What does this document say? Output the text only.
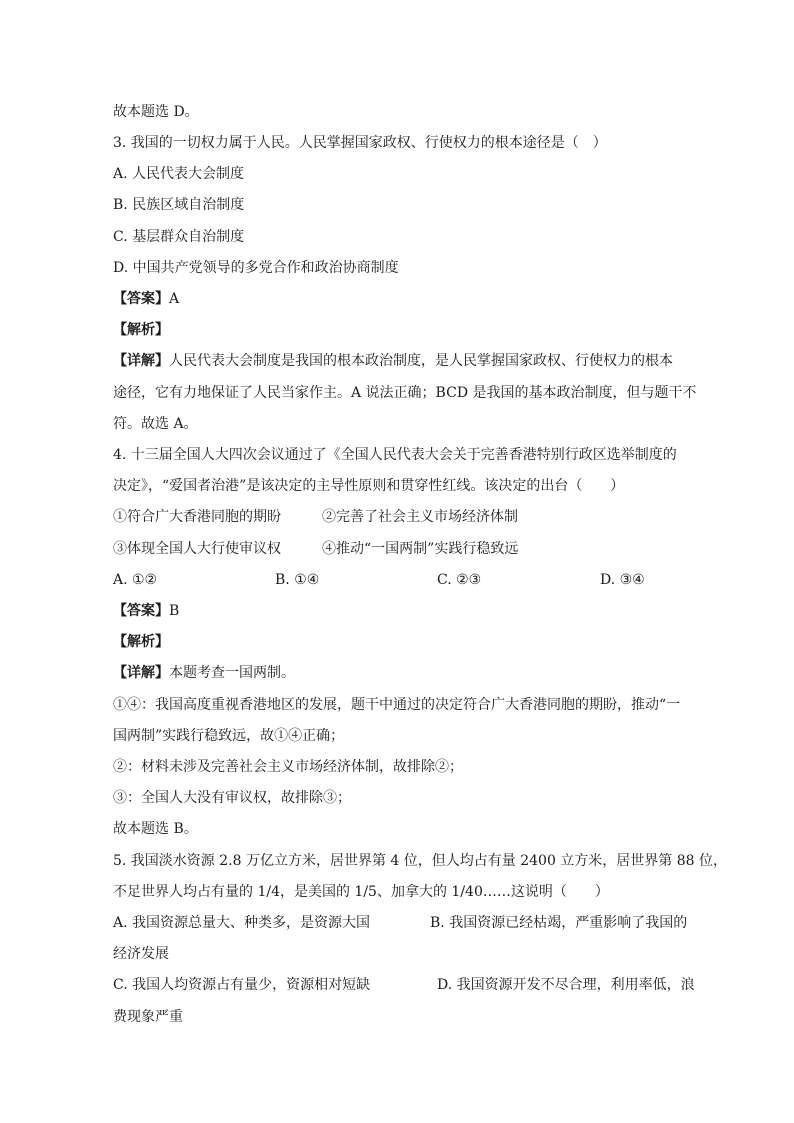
故本题选 D。
3. 我国的一切权力属于人民。人民掌握国家政权、行使权力的根本途径是（　）
A. 人民代表大会制度
B. 民族区域自治制度
C. 基层群众自治制度
D. 中国共产党领导的多党合作和政治协商制度
【答案】A
【解析】
【详解】人民代表大会制度是我国的根本政治制度，是人民掌握国家政权、行使权力的根本
途径，它有力地保证了人民当家作主。A 说法正确；BCD 是我国的基本政治制度，但与题干不
符。故选 A。
4. 十三届全国人大四次会议通过了《全国人民代表大会关于完善香港特别行政区选举制度的
决定》，“爱国者治港”是该决定的主导性原则和贯穿性红线。该决定的出台（　　）
①符合广大香港同胞的期盼	②完善了社会主义市场经济体制
③体现全国人大行使审议权	④推动“一国两制”实践行稳致远
A. ①②	B. ①④	C. ②③	D. ③④
【答案】B
【解析】
【详解】本题考查一国两制。
①④：我国高度重视香港地区的发展，题干中通过的决定符合广大香港同胞的期盼，推动“一
国两制”实践行稳致远，故①④正确；
②：材料未涉及完善社会主义市场经济体制，故排除②；
③：全国人大没有审议权，故排除③；
故本题选 B。
5. 我国淡水资源 2.8 万亿立方米，居世界第 4 位，但人均占有量 2400 立方米，居世界第 88 位，
不足世界人均占有量的 1/4，是美国的 1/5、加拿大的 1/40……这说明（　　）
A. 我国资源总量大、种类多，是资源大国	B. 我国资源已经枯竭，严重影响了我国的
经济发展
C. 我国人均资源占有量少，资源相对短缺	D. 我国资源开发不尽合理，利用率低，浪
费现象严重
